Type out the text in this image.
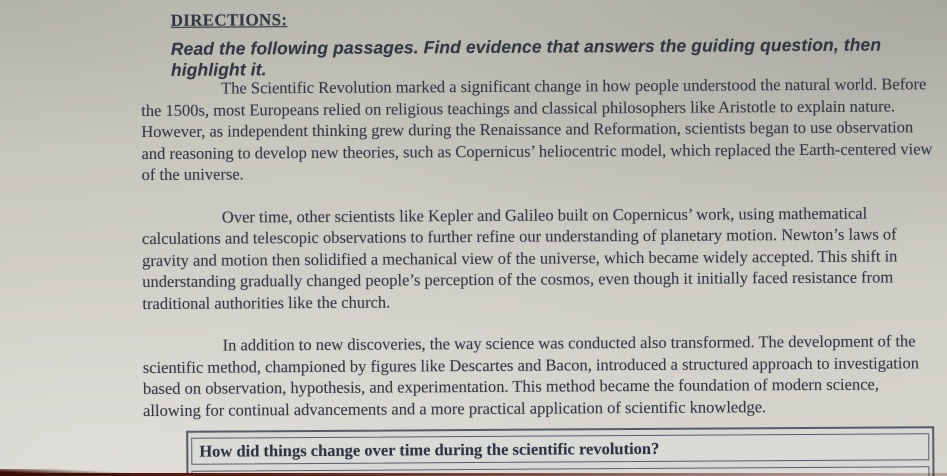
DIRECTIONS:
Read the following passages. Find evidence that answers the guiding question, then highlight it.

The Scientific Revolution marked a significant change in how people understood the natural world. Before the 1500s, most Europeans relied on religious teachings and classical philosophers like Aristotle to explain nature. However, as independent thinking grew during the Renaissance and Reformation, scientists began to use observation and reasoning to develop new theories, such as Copernicus’ heliocentric model, which replaced the Earth-centered view of the universe.

Over time, other scientists like Kepler and Galileo built on Copernicus’ work, using mathematical calculations and telescopic observations to further refine our understanding of planetary motion. Newton’s laws of gravity and motion then solidified a mechanical view of the universe, which became widely accepted. This shift in understanding gradually changed people’s perception of the cosmos, even though it initially faced resistance from traditional authorities like the church.

In addition to new discoveries, the way science was conducted also transformed. The development of the scientific method, championed by figures like Descartes and Bacon, introduced a structured approach to investigation based on observation, hypothesis, and experimentation. This method became the foundation of modern science, allowing for continual advancements and a more practical application of scientific knowledge.

How did things change over time during the scientific revolution?
